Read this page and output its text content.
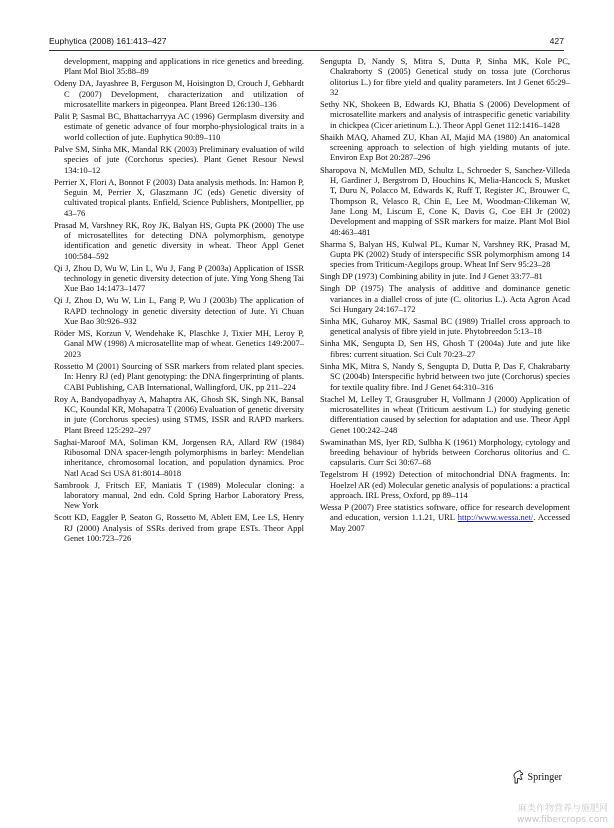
Euphytica (2008) 161:413–427	427

development, mapping and applications in rice genetics and breeding. Plant Mol Biol 35:88–89

Odeny DA, Jayashree B, Ferguson M, Hoisington D, Crouch J, Gebhardt C (2007) Development, characterization and utilization of microsatellite markers in pigeonpea. Plant Breed 126:130–136

Palit P, Sasmal BC, Bhattacharryya AC (1996) Germplasm diversity and estimate of genetic advance of four morpho-physiological traits in a world collection of jute. Euphytica 90:89–110

Palve SM, Sinha MK, Mandal RK (2003) Preliminary evaluation of wild species of jute (Corchorus species). Plant Genet Resour Newsl 134:10–12

Perrier X, Flori A, Bonnot F (2003) Data analysis methods. In: Hamon P, Seguin M, Perrier X, Glaszmann JC (eds) Genetic diversity of cultivated tropical plants. Enfield, Science Publishers, Montpellier, pp 43–76

Prasad M, Varshney RK, Roy JK, Balyan HS, Gupta PK (2000) The use of microsatellites for detecting DNA polymorphism, genotype identification and genetic diversity in wheat. Theor Appl Genet 100:584–592

Qi J, Zhou D, Wu W, Lin L, Wu J, Fang P (2003a) Application of ISSR technology in genetic diversity detection of jute. Ying Yong Sheng Tai Xue Bao 14:1473–1477

Qi J, Zhou D, Wu W, Lin L, Fang P, Wu J (2003b) The application of RAPD technology in genetic diversity detection of Jute. Yi Chuan Xue Bao 30:926–932

Röder MS, Korzun V, Wendehake K, Plaschke J, Tixier MH, Leroy P, Ganal MW (1998) A microsatellite map of wheat. Genetics 149:2007–2023

Rossetto M (2001) Sourcing of SSR markers from related plant species. In: Henry RJ (ed) Plant genotyping: the DNA fingerprinting of plants. CABI Publishing, CAB International, Wallingford, UK, pp 211–224

Roy A, Bandyopadhyay A, Mahaptra AK, Ghosh SK, Singh NK, Bansal KC, Koundal KR, Mohapatra T (2006) Evaluation of genetic diversity in jute (Corchorus species) using STMS, ISSR and RAPD markers. Plant Breed 125:292–297

Saghai-Maroof MA, Soliman KM, Jorgensen RA, Allard RW (1984) Ribosomal DNA spacer-length polymorphisms in barley: Mendelian inheritance, chromosomal location, and population dynamics. Proc Natl Acad Sci USA 81:8014–8018

Sambrook J, Fritsch EF, Maniatis T (1989) Molecular cloning: a laboratory manual, 2nd edn. Cold Spring Harbor Laboratory Press, New York

Scott KD, Eaggler P, Seaton G, Rossetto M, Ablett EM, Lee LS, Henry RJ (2000) Analysis of SSRs derived from grape ESTs. Theor Appl Genet 100:723–726

Sengupta D, Nandy S, Mitra S, Dutta P, Sinha MK, Kole PC, Chakraborty S (2005) Genetical study on tossa jute (Corchorus olitorius L.) for fibre yield and quality parameters. Int J Genet 65:29–32

Sethy NK, Shokeen B, Edwards KJ, Bhatia S (2006) Development of microsatellite markers and analysis of intraspecific genetic variability in chickpea (Cicer arietinum L.). Theor Appl Genet 112:1416–1428

Shaikh MAQ, Ahamed ZU, Khan AI, Majid MA (1980) An anatomical screening approach to selection of high yielding mutants of jute. Environ Exp Bot 20:287–296

Sharopova N, McMullen MD, Schultz L, Schroeder S, Sanchez-Villeda H, Gardiner J, Bergstrom D, Houchins K, Melia-Hancock S, Musket T, Duru N, Polacco M, Edwards K, Ruff T, Register JC, Brouwer C, Thompson R, Velasco R, Chin E, Lee M, Woodman-Clikeman W, Jane Long M, Liscum E, Cone K, Davis G, Coe EH Jr (2002) Development and mapping of SSR markers for maize. Plant Mol Biol 48:463–481

Sharma S, Balyan HS, Kulwal PL, Kumar N, Varshney RK, Prasad M, Gupta PK (2002) Study of interspecific SSR polymorphism among 14 species from Triticum-Aegilops group. Wheat Inf Serv 95:23–28

Singh DP (1973) Combining ability in jute. Ind J Genet 33:77–81

Singh DP (1975) The analysis of additive and dominance genetic variances in a diallel cross of jute (C. olitorius L.). Acta Agron Acad Sci Hungary 24:167–172

Sinha MK, Guharoy MK, Sasmal BC (1989) Triallel cross approach to genetical analysis of fibre yield in jute. Phytobreedon 5:13–18

Sinha MK, Sengupta D, Sen HS, Ghosh T (2004a) Jute and jute like fibres: current situation. Sci Cult 70:23–27

Sinha MK, Mitra S, Nandy S, Sengupta D, Dutta P, Das F, Chakrabarty SC (2004b) Interspecific hybrid between two jute (Corchorus) species for textile quality fibre. Ind J Genet 64:310–316

Stachel M, Lelley T, Grausgruber H, Vollmann J (2000) Application of microsatellites in wheat (Triticum aestivum L.) for studying genetic differentiation caused by selection for adaptation and use. Theor Appl Genet 100:242–248

Swaminathan MS, Iyer RD, Sulbha K (1961) Morphology, cytology and breeding behaviour of hybrids between Corchorus olitorius and C. capsularis. Curr Sci 30:67–68

Tegelstrom H (1992) Detection of mitochondrial DNA fragments. In: Hoelzel AR (ed) Molecular genetic analysis of populations: a practical approach. IRL Press, Oxford, pp 89–114

Wessa P (2007) Free statistics software, office for research development and education, version 1.1.21, URL http://www.wessa.net/. Accessed May 2007

Springer
麻类作物营养与施肥网
www.fibercrops.com
